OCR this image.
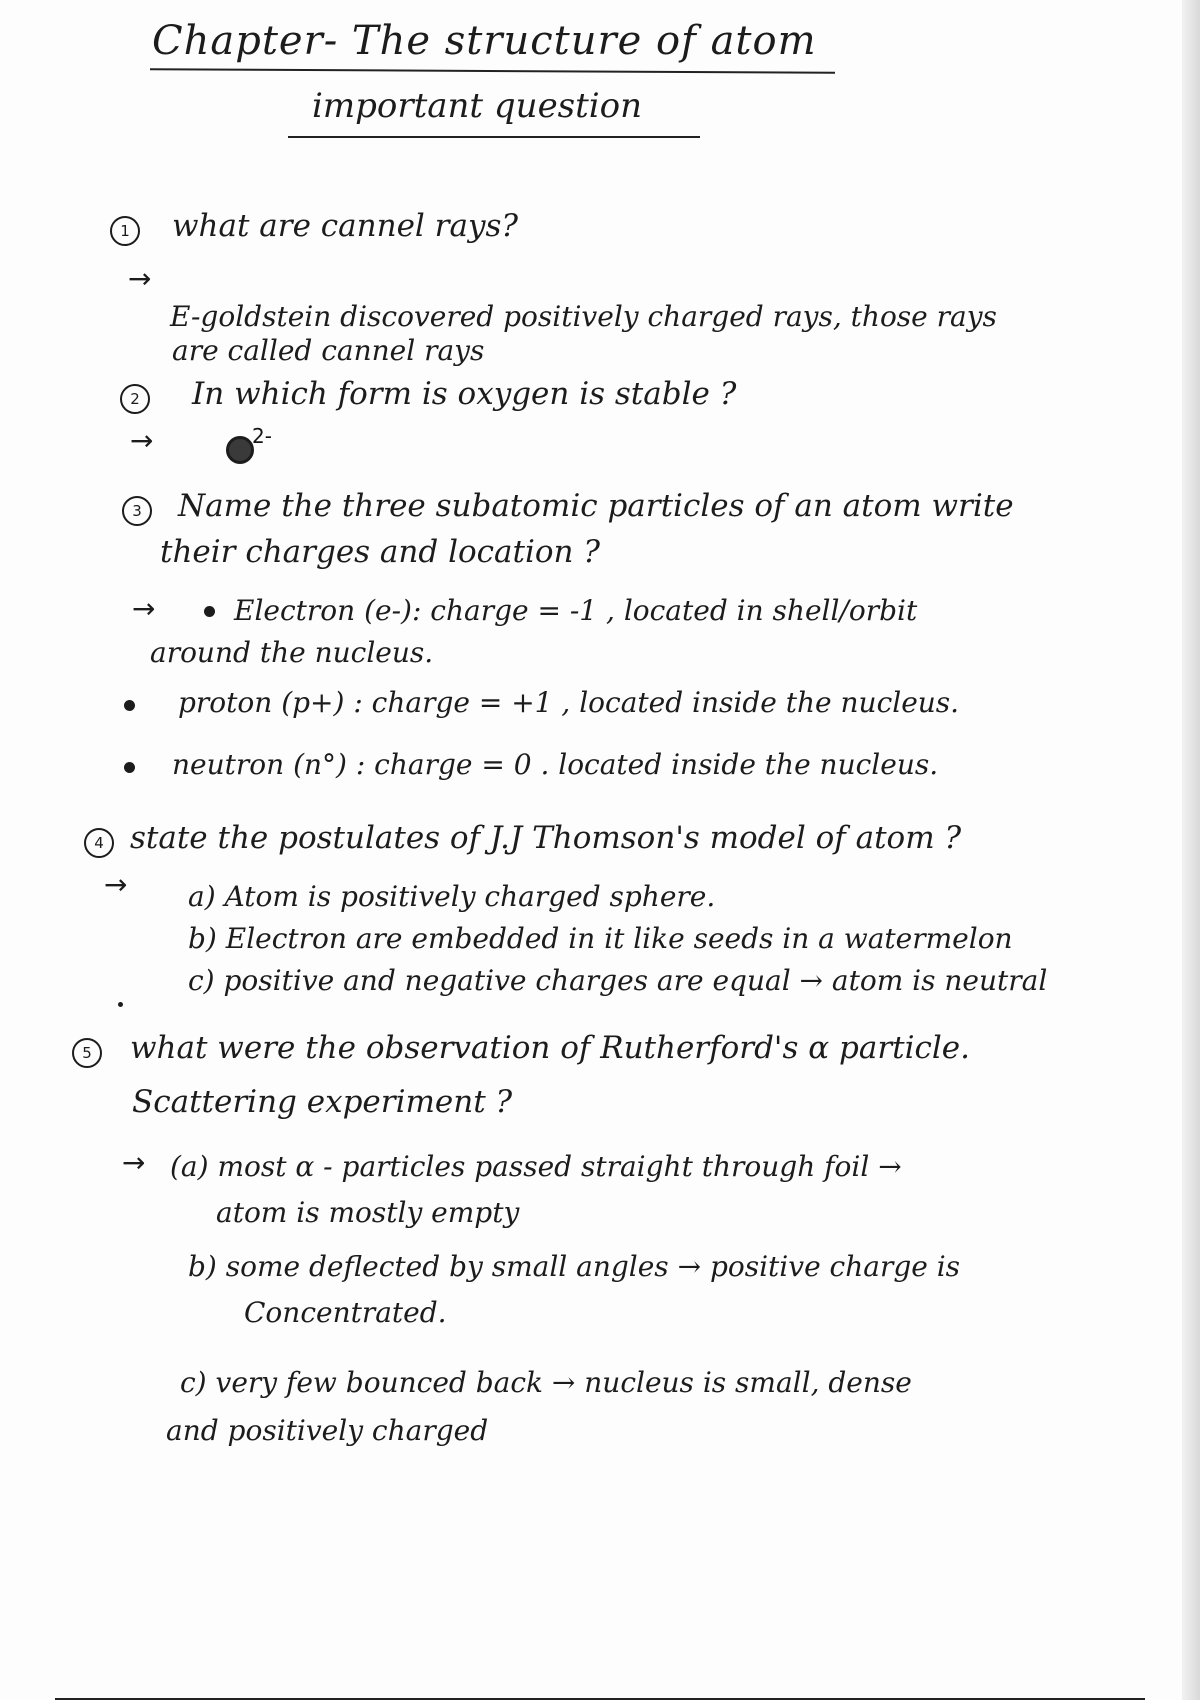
Chapter- The structure of atom
important question
1	what are cannel rays?
→
E-goldstein discovered positively charged rays, those rays
are called cannel rays
2	In which form is oxygen is stable ?
→	2-
3	Name the three subatomic particles of an atom write
their charges and location ?
→	Electron (e-): charge = -1 , located in shell/orbit
around the nucleus.
proton (p+) : charge = +1 , located inside the nucleus.
neutron (n°) : charge = 0 . located inside the nucleus.
4 state the postulates of J.J Thomson's model of atom ?
→ a) Atom is positively charged sphere.
b) Electron are embedded in it like seeds in a watermelon
c) positive and negative charges are equal → atom is neutral
5	what were the observation of Rutherford's α particle.
Scattering experiment ?
→ (a) most α - particles passed straight through foil →
atom is mostly empty
b) some deflected by small angles → positive charge is
Concentrated.
c) very few bounced back → nucleus is small, dense
and positively charged
